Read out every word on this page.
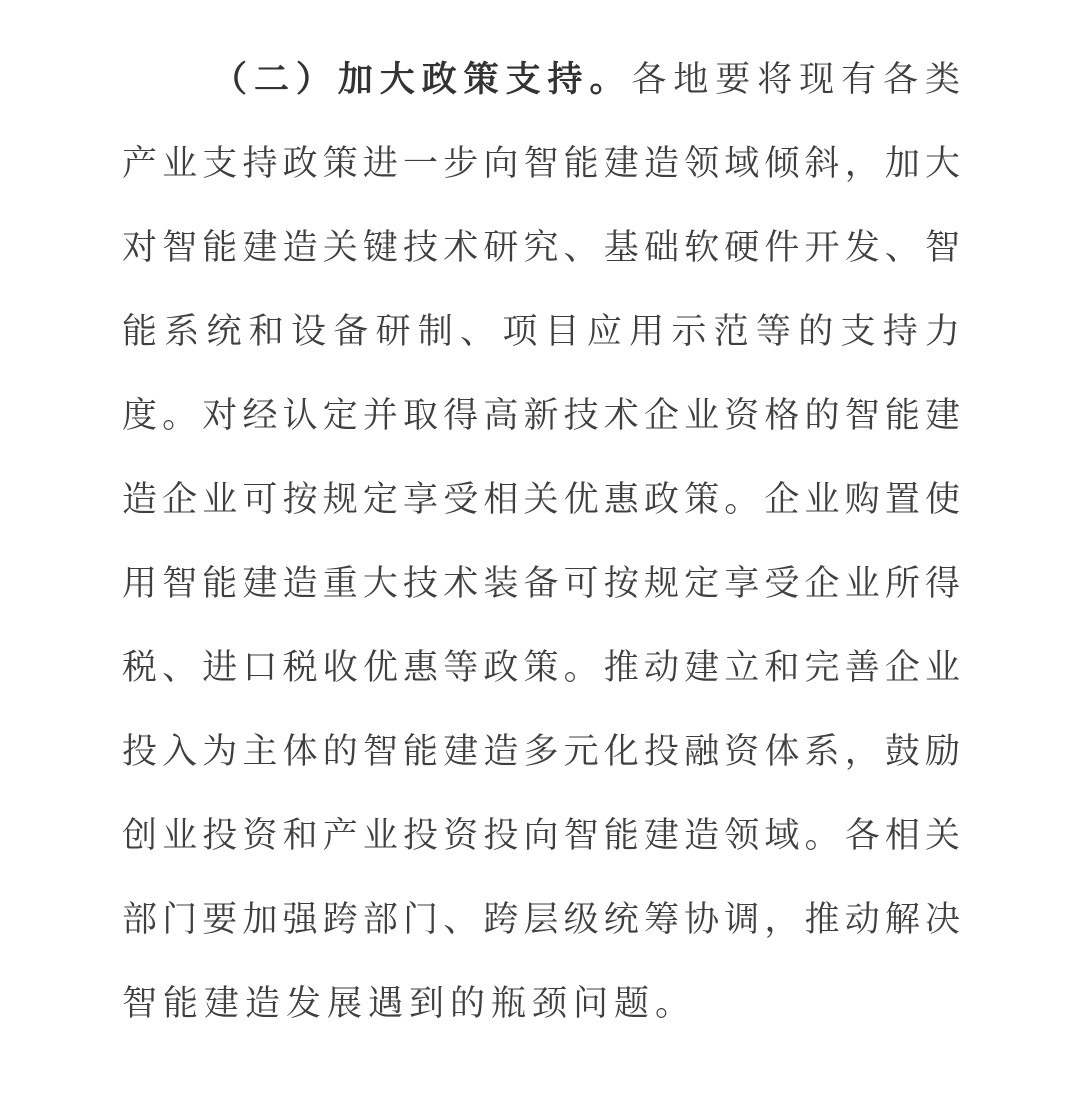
（二）加大政策支持。各地要将现有各类
产业支持政策进一步向智能建造领域倾斜，加大
对智能建造关键技术研究、基础软硬件开发、智
能系统和设备研制、项目应用示范等的支持力
度。对经认定并取得高新技术企业资格的智能建
造企业可按规定享受相关优惠政策。企业购置使
用智能建造重大技术装备可按规定享受企业所得
税、进口税收优惠等政策。推动建立和完善企业
投入为主体的智能建造多元化投融资体系，鼓励
创业投资和产业投资投向智能建造领域。各相关
部门要加强跨部门、跨层级统筹协调，推动解决
智能建造发展遇到的瓶颈问题。
